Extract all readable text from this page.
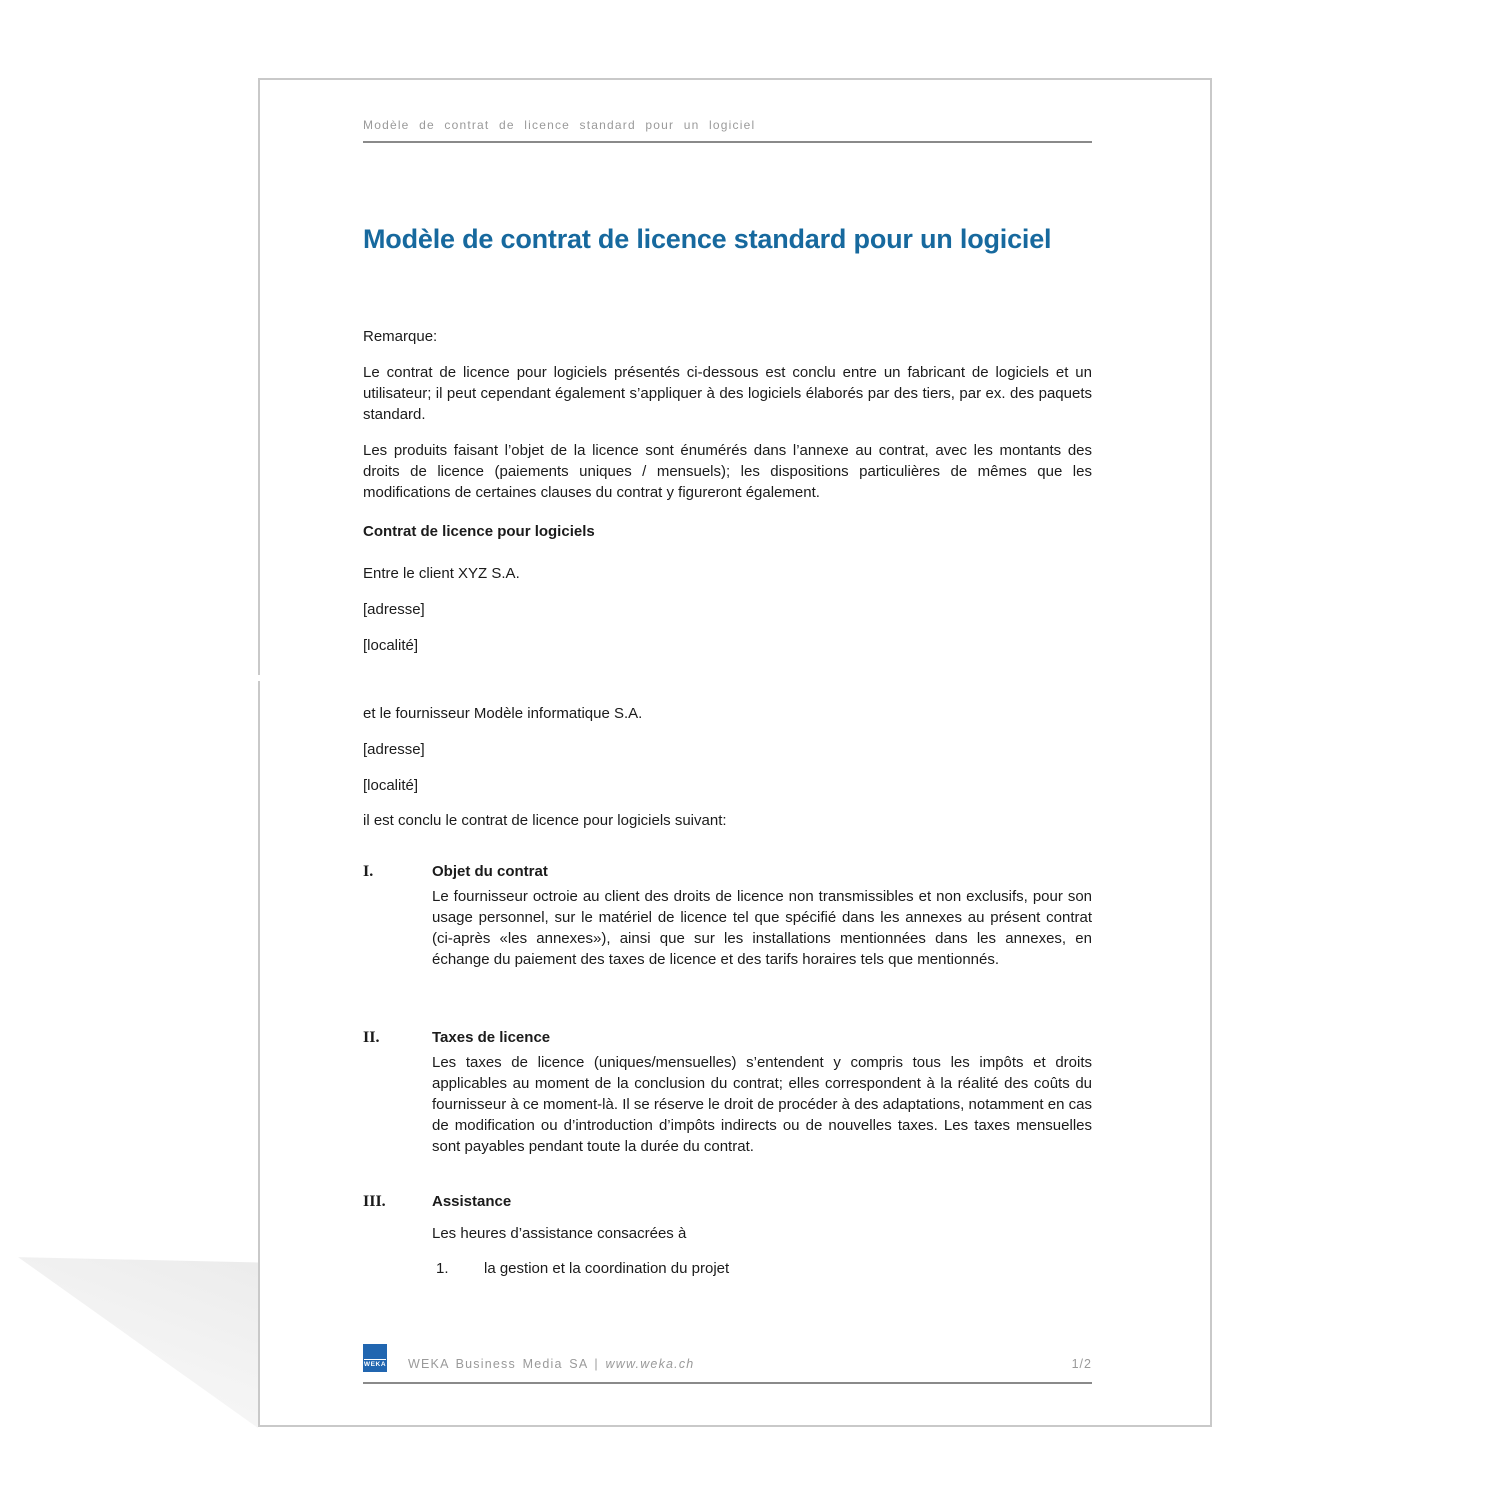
Modèle de contrat de licence standard pour un logiciel
Modèle de contrat de licence standard pour un logiciel
Remarque:

Le contrat de licence pour logiciels présentés ci-dessous est conclu entre un fabricant de logiciels et un utilisateur; il peut cependant également s’appliquer à des logiciels élaborés par des tiers, par ex. des paquets standard.

Les produits faisant l’objet de la licence sont énumérés dans l’annexe au contrat, avec les montants des droits de licence (paiements uniques / mensuels); les dispositions particulières de mêmes que les modifications de certaines clauses du contrat y figureront également.

Contrat de licence pour logiciels
Entre le client XYZ S.A.
[adresse]
[localité]
et le fournisseur Modèle informatique S.A.
[adresse]
[localité]
il est conclu le contrat de licence pour logiciels suivant:
I.	Objet du contrat

Le fournisseur octroie au client des droits de licence non transmissibles et non exclusifs, pour son usage personnel, sur le matériel de licence tel que spécifié dans les annexes au présent contrat (ci-après «les annexes»), ainsi que sur les installations mentionnées dans les annexes, en échange du paiement des taxes de licence et des tarifs horaires tels que mentionnés.

II.	Taxes de licence

Les taxes de licence (uniques/mensuelles) s’entendent y compris tous les impôts et droits applicables au moment de la conclusion du contrat; elles correspondent à la réalité des coûts du fournisseur à ce moment-là. Il se réserve le droit de procéder à des adaptations, notamment en cas de modification ou d’introduction d’impôts indirects ou de nouvelles taxes. Les taxes mensuelles sont payables pendant toute la durée du contrat.

III.	Assistance

Les heures d’assistance consacrées à

1.	la gestion et la coordination du projet
WEKA WEKA Business Media SA | www.weka.ch	1/2
